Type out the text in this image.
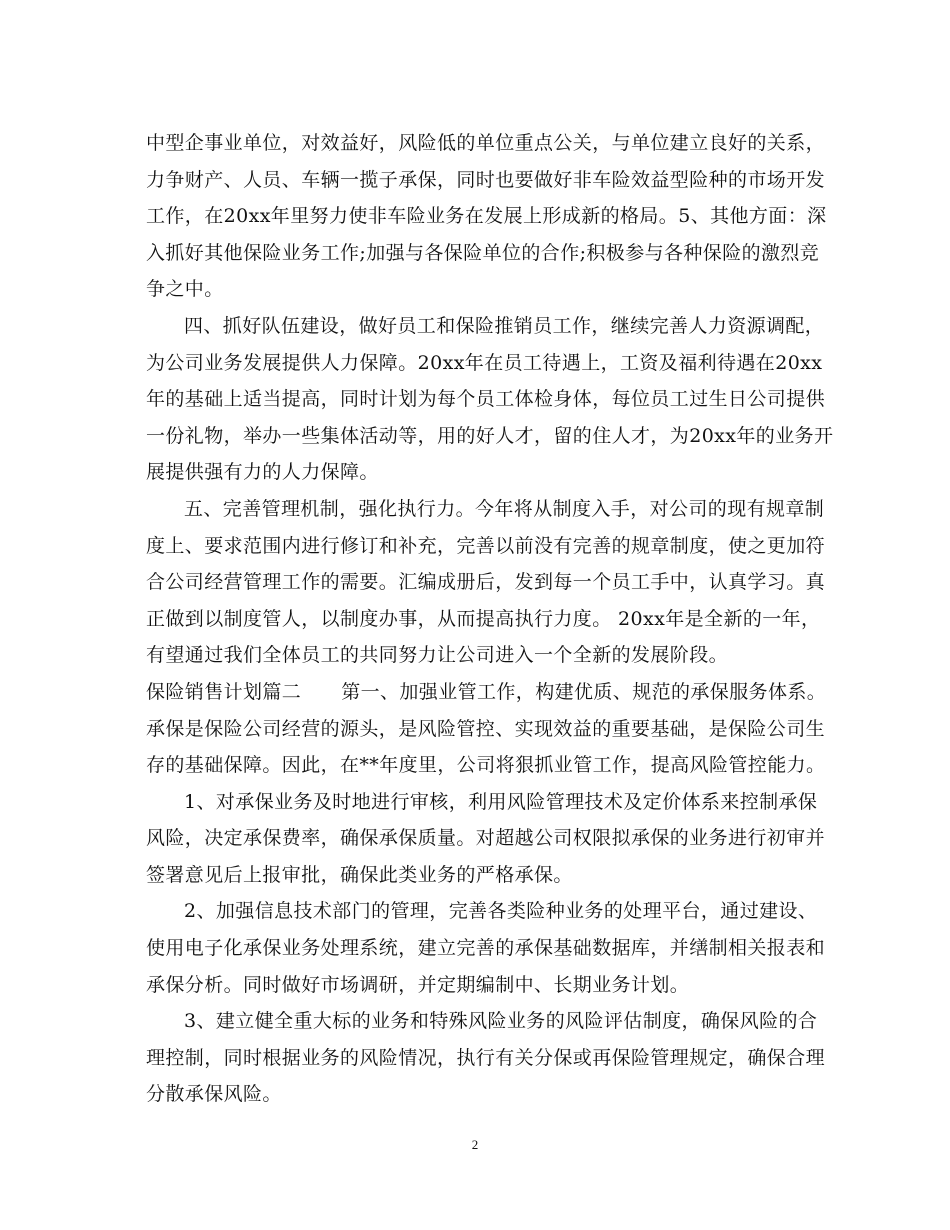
中型企事业单位，对效益好，风险低的单位重点公关，与单位建立良好的关系，
力争财产、人员、车辆一揽子承保，同时也要做好非车险效益型险种的市场开发
工作，在20xx年里努力使非车险业务在发展上形成新的格局。5、其他方面：深
入抓好其他保险业务工作;加强与各保险单位的合作;积极参与各种保险的激烈竞
争之中。
四、抓好队伍建设，做好员工和保险推销员工作，继续完善人力资源调配，
为公司业务发展提供人力保障。20xx年在员工待遇上，工资及福利待遇在20xx
年的基础上适当提高，同时计划为每个员工体检身体，每位员工过生日公司提供
一份礼物，举办一些集体活动等，用的好人才，留的住人才，为20xx年的业务开
展提供强有力的人力保障。
五、完善管理机制，强化执行力。今年将从制度入手，对公司的现有规章制
度上、要求范围内进行修订和补充，完善以前没有完善的规章制度，使之更加符
合公司经营管理工作的需要。汇编成册后，发到每一个员工手中，认真学习。真
正做到以制度管人，以制度办事，从而提高执行力度。 20xx年是全新的一年，
有望通过我们全体员工的共同努力让公司进入一个全新的发展阶段。
保险销售计划篇二 第一、加强业管工作，构建优质、规范的承保服务体系。
承保是保险公司经营的源头，是风险管控、实现效益的重要基础，是保险公司生
存的基础保障。因此，在**年度里，公司将狠抓业管工作，提高风险管控能力。
1、对承保业务及时地进行审核，利用风险管理技术及定价体系来控制承保
风险，决定承保费率，确保承保质量。对超越公司权限拟承保的业务进行初审并
签署意见后上报审批，确保此类业务的严格承保。
2、加强信息技术部门的管理，完善各类险种业务的处理平台，通过建设、
使用电子化承保业务处理系统，建立完善的承保基础数据库，并缮制相关报表和
承保分析。同时做好市场调研，并定期编制中、长期业务计划。
3、建立健全重大标的业务和特殊风险业务的风险评估制度，确保风险的合
理控制，同时根据业务的风险情况，执行有关分保或再保险管理规定，确保合理
分散承保风险。
2
